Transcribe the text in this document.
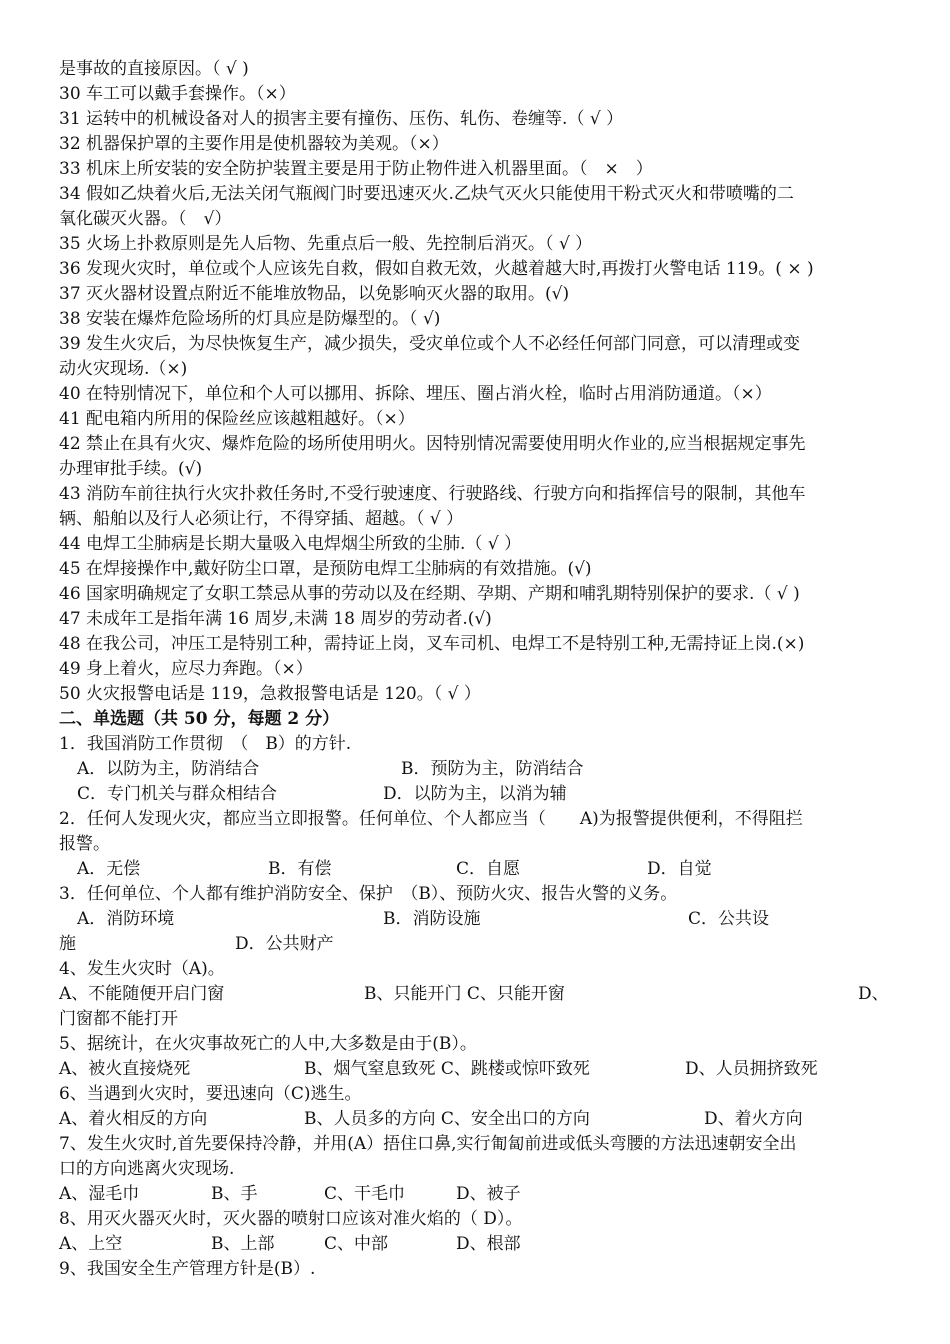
是事故的直接原因。（ √ )
30 车工可以戴手套操作。（×）
31 运转中的机械设备对人的损害主要有撞伤、压伤、轧伤、卷缠等.（ √ ）
32 机器保护罩的主要作用是使机器较为美观。（×）
33 机床上所安装的安全防护装置主要是用于防止物件进入机器里面。（　×　）
34 假如乙炔着火后,无法关闭气瓶阀门时要迅速灭火.乙炔气灭火只能使用干粉式灭火和带喷嘴的二
氧化碳灭火器。（　√）
35 火场上扑救原则是先人后物、先重点后一般、先控制后消灭。（ √ ）
36 发现火灾时，单位或个人应该先自救，假如自救无效，火越着越大时,再拨打火警电话 119。( × )
37 灭火器材设置点附近不能堆放物品，以免影响灭火器的取用。(√)
38 安装在爆炸危险场所的灯具应是防爆型的。（ √)
39 发生火灾后，为尽快恢复生产，减少损失，受灾单位或个人不必经任何部门同意，可以清理或变
动火灾现场.（×)
40 在特别情况下，单位和个人可以挪用、拆除、埋压、圈占消火栓，临时占用消防通道。（×）
41 配电箱内所用的保险丝应该越粗越好。（×）
42 禁止在具有火灾、爆炸危险的场所使用明火。因特别情况需要使用明火作业的,应当根据规定事先
办理审批手续。(√)
43 消防车前往执行火灾扑救任务时,不受行驶速度、行驶路线、行驶方向和指挥信号的限制，其他车
辆、船舶以及行人必须让行，不得穿插、超越。（ √ ）
44 电焊工尘肺病是长期大量吸入电焊烟尘所致的尘肺.（ √ ）
45 在焊接操作中,戴好防尘口罩，是预防电焊工尘肺病的有效措施。(√)
46 国家明确规定了女职工禁忌从事的劳动以及在经期、孕期、产期和哺乳期特别保护的要求.（ √ )
47 未成年工是指年满 16 周岁,未满 18 周岁的劳动者.(√)
48 在我公司，冲压工是特别工种，需持证上岗，叉车司机、电焊工不是特别工种,无需持证上岗.(×)
49 身上着火，应尽力奔跑。（×）
50 火灾报警电话是 119，急救报警电话是 120。（ √ ）
二、单选题（共 50 分，每题 2 分）
1．我国消防工作贯彻　（　B）的方针.
A．以防为主，防消结合	B．预防为主，防消结合
C．专门机关与群众相结合	D．以防为主，以消为辅
2．任何人发现火灾，都应当立即报警。任何单位、个人都应当（　　A)为报警提供便利，不得阻拦
报警。
A．无偿	B．有偿	C．自愿	D．自觉
3．任何单位、个人都有维护消防安全、保护　（B）、预防火灾、报告火警的义务。
A．消防环境	B．消防设施	C．公共设
施	D．公共财产
4、发生火灾时（A)。
A、不能随便开启门窗	B、只能开门 C、只能开窗	D、
门窗都不能打开
5、据统计，在火灾事故死亡的人中,大多数是由于(B）。
A、被火直接烧死	B、烟气窒息致死 C、跳楼或惊吓致死	D、人员拥挤致死
6、当遇到火灾时，要迅速向（C)逃生。
A、着火相反的方向	B、人员多的方向 C、安全出口的方向	D、着火方向
7、发生火灾时,首先要保持冷静，并用(A）捂住口鼻,实行匍匐前进或低头弯腰的方法迅速朝安全出
口的方向逃离火灾现场.
A、湿毛巾	B、手	C、干毛巾	D、被子
8、用灭火器灭火时，灭火器的喷射口应该对准火焰的（ D）。
A、上空	B、上部	C、中部	D、根部
9、我国安全生产管理方针是(B）.
